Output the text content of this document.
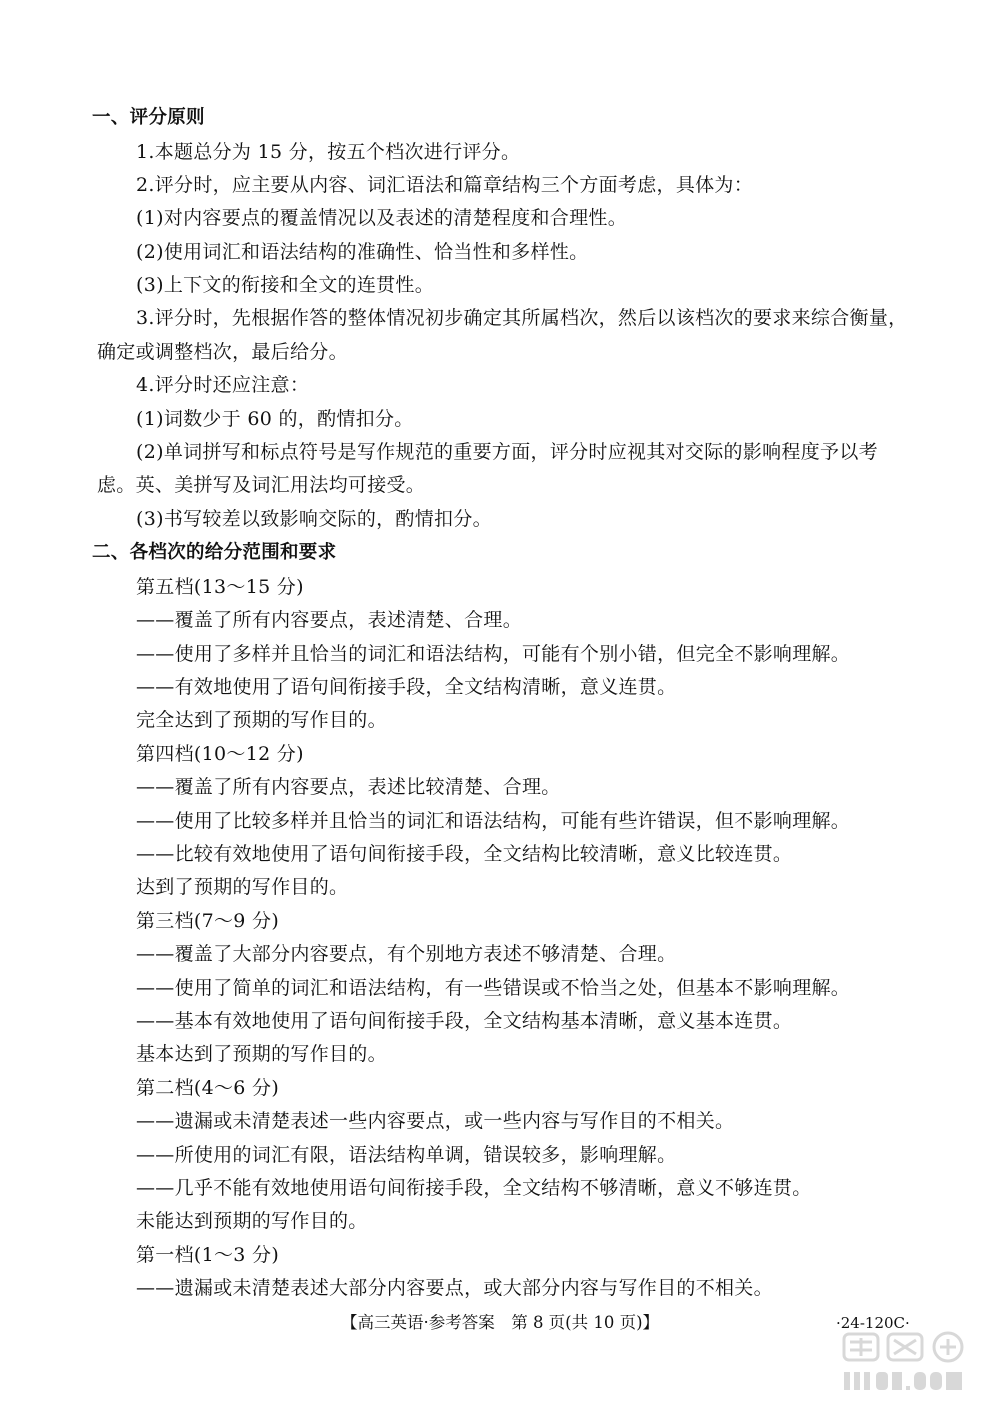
一、评分原则
1.本题总分为 15 分，按五个档次进行评分。
2.评分时，应主要从内容、词汇语法和篇章结构三个方面考虑，具体为：
(1)对内容要点的覆盖情况以及表述的清楚程度和合理性。
(2)使用词汇和语法结构的准确性、恰当性和多样性。
(3)上下文的衔接和全文的连贯性。
3.评分时，先根据作答的整体情况初步确定其所属档次，然后以该档次的要求来综合衡量，
确定或调整档次，最后给分。
4.评分时还应注意：
(1)词数少于 60 的，酌情扣分。
(2)单词拼写和标点符号是写作规范的重要方面，评分时应视其对交际的影响程度予以考
虑。英、美拼写及词汇用法均可接受。
(3)书写较差以致影响交际的，酌情扣分。
二、各档次的给分范围和要求
第五档(13～15 分)
——覆盖了所有内容要点，表述清楚、合理。
——使用了多样并且恰当的词汇和语法结构，可能有个别小错，但完全不影响理解。
——有效地使用了语句间衔接手段，全文结构清晰，意义连贯。
完全达到了预期的写作目的。
第四档(10～12 分)
——覆盖了所有内容要点，表述比较清楚、合理。
——使用了比较多样并且恰当的词汇和语法结构，可能有些许错误，但不影响理解。
——比较有效地使用了语句间衔接手段，全文结构比较清晰，意义比较连贯。
达到了预期的写作目的。
第三档(7～9 分)
——覆盖了大部分内容要点，有个别地方表述不够清楚、合理。
——使用了简单的词汇和语法结构，有一些错误或不恰当之处，但基本不影响理解。
——基本有效地使用了语句间衔接手段，全文结构基本清晰，意义基本连贯。
基本达到了预期的写作目的。
第二档(4～6 分)
——遗漏或未清楚表述一些内容要点，或一些内容与写作目的不相关。
——所使用的词汇有限，语法结构单调，错误较多，影响理解。
——几乎不能有效地使用语句间衔接手段，全文结构不够清晰，意义不够连贯。
未能达到预期的写作目的。
第一档(1～3 分)
——遗漏或未清楚表述大部分内容要点，或大部分内容与写作目的不相关。
【高三英语·参考答案　第 8 页(共 10 页)】	·24-120C·
